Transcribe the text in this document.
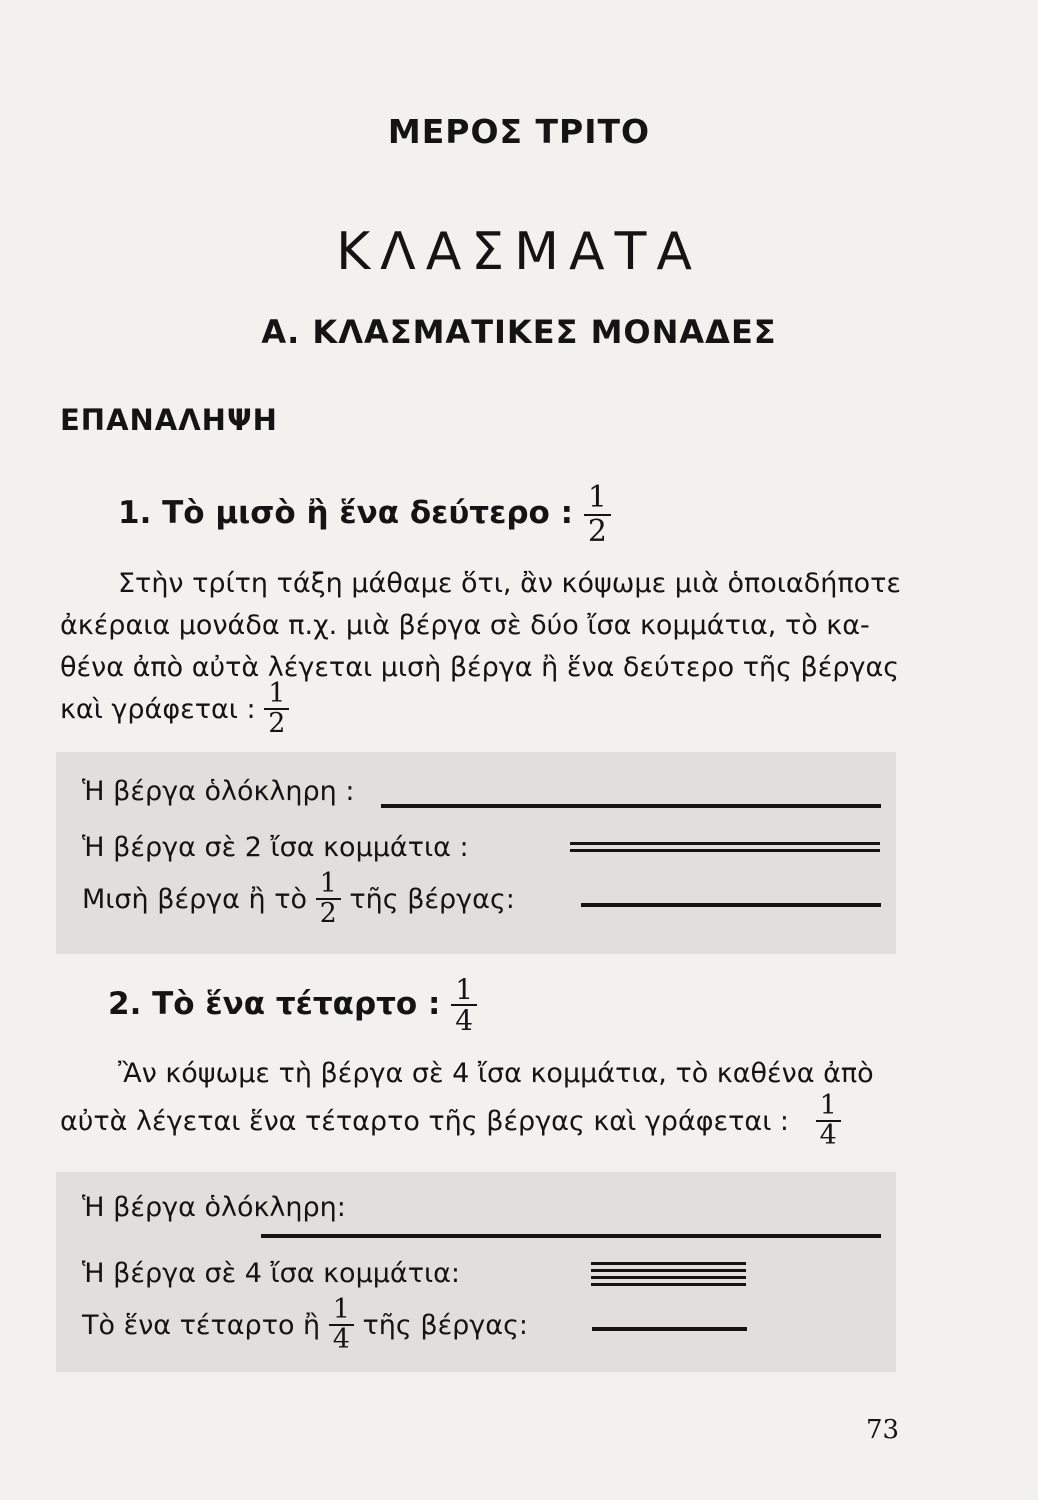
ΜΕΡΟΣ ΤΡΙΤΟ
ΚΛΑΣΜΑΤΑ
Α. ΚΛΑΣΜΑΤΙΚΕΣ ΜΟΝΑΔΕΣ
ΕΠΑΝΑΛΗΨΗ
1. Τὸ μισὸ ἢ ἕνα δεύτερο : $\frac{1}{2}$
Στὴν τρίτη τάξη μάθαμε ὅτι, ἂν κόψωμε μιὰ ὁποιαδήποτε
ἀκέραια μονάδα π.χ. μιὰ βέργα σὲ δύο ἴσα κομμάτια, τὸ κα-
θένα ἀπὸ αὐτὰ λέγεται μισὴ βέργα ἢ ἕνα δεύτερο τῆς βέργας
καὶ γράφεται : $\frac{1}{2}$
Ἡ βέργα ὁλόκληρη :
Ἡ βέργα σὲ 2 ἴσα κομμάτια :
Μισὴ βέργα ἢ τὸ $\frac{1}{2}$ τῆς βέργας:
2. Τὸ ἕνα τέταρτο : $\frac{1}{4}$
Ἂν κόψωμε τὴ βέργα σὲ 4 ἴσα κομμάτια, τὸ καθένα ἀπὸ
αὐτὰ λέγεται ἕνα τέταρτο τῆς βέργας καὶ γράφεται : $\frac{1}{4}$
Ἡ βέργα ὁλόκληρη:
Ἡ βέργα σὲ 4 ἴσα κομμάτια:
Τὸ ἕνα τέταρτο ἢ $\frac{1}{4}$ τῆς βέργας:
73
